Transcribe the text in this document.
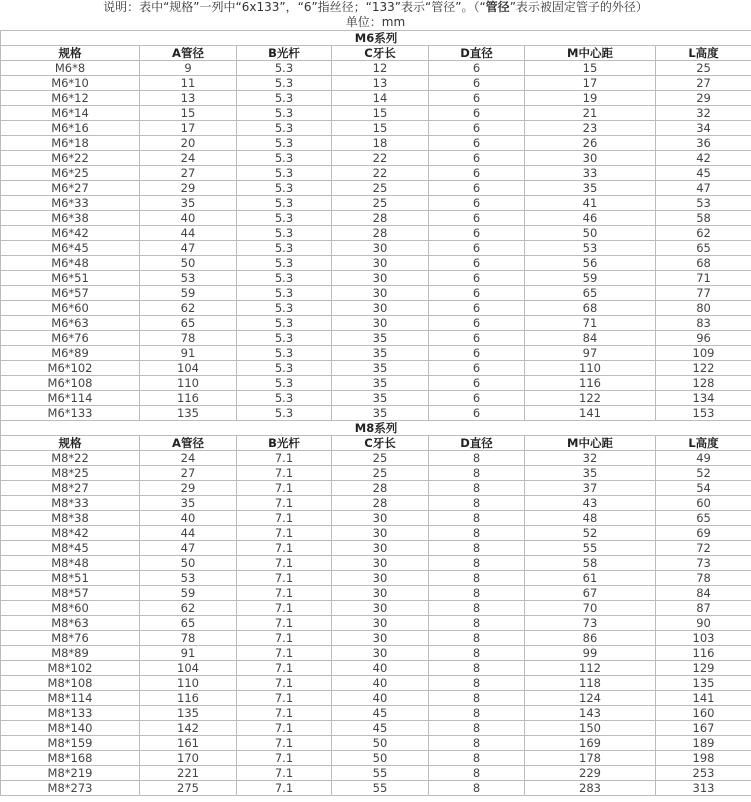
说明：表中“规格”一列中“6x133”，“6”指丝径；“133”表示“管径”。（“管径”表示被固定管子的外径）
单位：mm
M6系列						
规格	A管径	B光杆	C牙长	D直径	M中心距	L高度
M6*8	9	5.3	12	6	15	25
M6*10	11	5.3	13	6	17	27
M6*12	13	5.3	14	6	19	29
M6*14	15	5.3	15	6	21	32
M6*16	17	5.3	15	6	23	34
M6*18	20	5.3	18	6	26	36
M6*22	24	5.3	22	6	30	42
M6*25	27	5.3	22	6	33	45
M6*27	29	5.3	25	6	35	47
M6*33	35	5.3	25	6	41	53
M6*38	40	5.3	28	6	46	58
M6*42	44	5.3	28	6	50	62
M6*45	47	5.3	30	6	53	65
M6*48	50	5.3	30	6	56	68
M6*51	53	5.3	30	6	59	71
M6*57	59	5.3	30	6	65	77
M6*60	62	5.3	30	6	68	80
M6*63	65	5.3	30	6	71	83
M6*76	78	5.3	35	6	84	96
M6*89	91	5.3	35	6	97	109
M6*102	104	5.3	35	6	110	122
M6*108	110	5.3	35	6	116	128
M6*114	116	5.3	35	6	122	134
M6*133	135	5.3	35	6	141	153
M8系列						
规格	A管径	B光杆	C牙长	D直径	M中心距	L高度
M8*22	24	7.1	25	8	32	49
M8*25	27	7.1	25	8	35	52
M8*27	29	7.1	28	8	37	54
M8*33	35	7.1	28	8	43	60
M8*38	40	7.1	30	8	48	65
M8*42	44	7.1	30	8	52	69
M8*45	47	7.1	30	8	55	72
M8*48	50	7.1	30	8	58	73
M8*51	53	7.1	30	8	61	78
M8*57	59	7.1	30	8	67	84
M8*60	62	7.1	30	8	70	87
M8*63	65	7.1	30	8	73	90
M8*76	78	7.1	30	8	86	103
M8*89	91	7.1	30	8	99	116
M8*102	104	7.1	40	8	112	129
M8*108	110	7.1	40	8	118	135
M8*114	116	7.1	40	8	124	141
M8*133	135	7.1	45	8	143	160
M8*140	142	7.1	45	8	150	167
M8*159	161	7.1	50	8	169	189
M8*168	170	7.1	50	8	178	198
M8*219	221	7.1	55	8	229	253
M8*273	275	7.1	55	8	283	313
